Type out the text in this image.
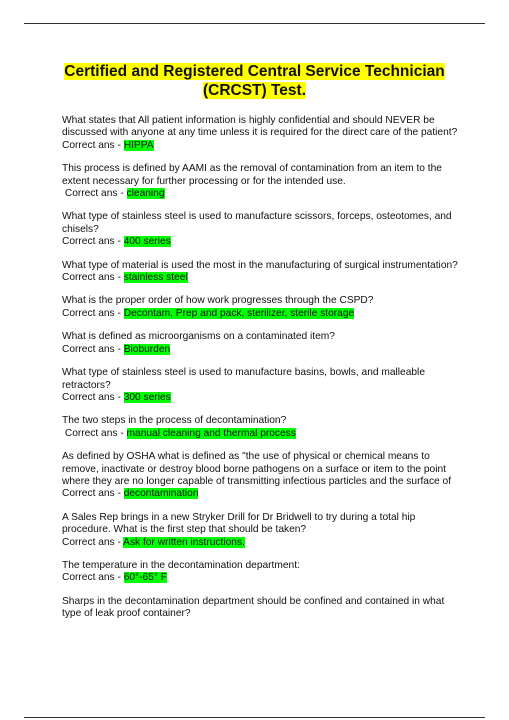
Certified and Registered Central Service Technician
(CRCST) Test.
What states that All patient information is highly confidential and should NEVER be
discussed with anyone at any time unless it is required for the direct care of the patient?
Correct ans - HIPPA
This process is defined by AAMI as the removal of contamination from an item to the
extent necessary for further processing or for the intended use.
Correct ans - cleaning
What type of stainless steel is used to manufacture scissors, forceps, osteotomes, and
chisels?
Correct ans - 400 series
What type of material is used the most in the manufacturing of surgical instrumentation?
Correct ans - stainless steel
What is the proper order of how work progresses through the CSPD?
Correct ans - Decontam, Prep and pack, sterilizer, sterile storage
What is defined as microorganisms on a contaminated item?
Correct ans - Bioburden
What type of stainless steel is used to manufacture basins, bowls, and malleable
retractors?
Correct ans - 300 series
The two steps in the process of decontamination?
Correct ans - manual cleaning and thermal process
As defined by OSHA what is defined as "the use of physical or chemical means to
remove, inactivate or destroy blood borne pathogens on a surface or item to the point
where they are no longer capable of transmitting infectious particles and the surface of
Correct ans - decontamination
A Sales Rep brings in a new Stryker Drill for Dr Bridwell to try during a total hip
procedure. What is the first step that should be taken?
Correct ans - Ask for written instructions.
The temperature in the decontamination department:
Correct ans - 60°-65° F
Sharps in the decontamination department should be confined and contained in what
type of leak proof container?
